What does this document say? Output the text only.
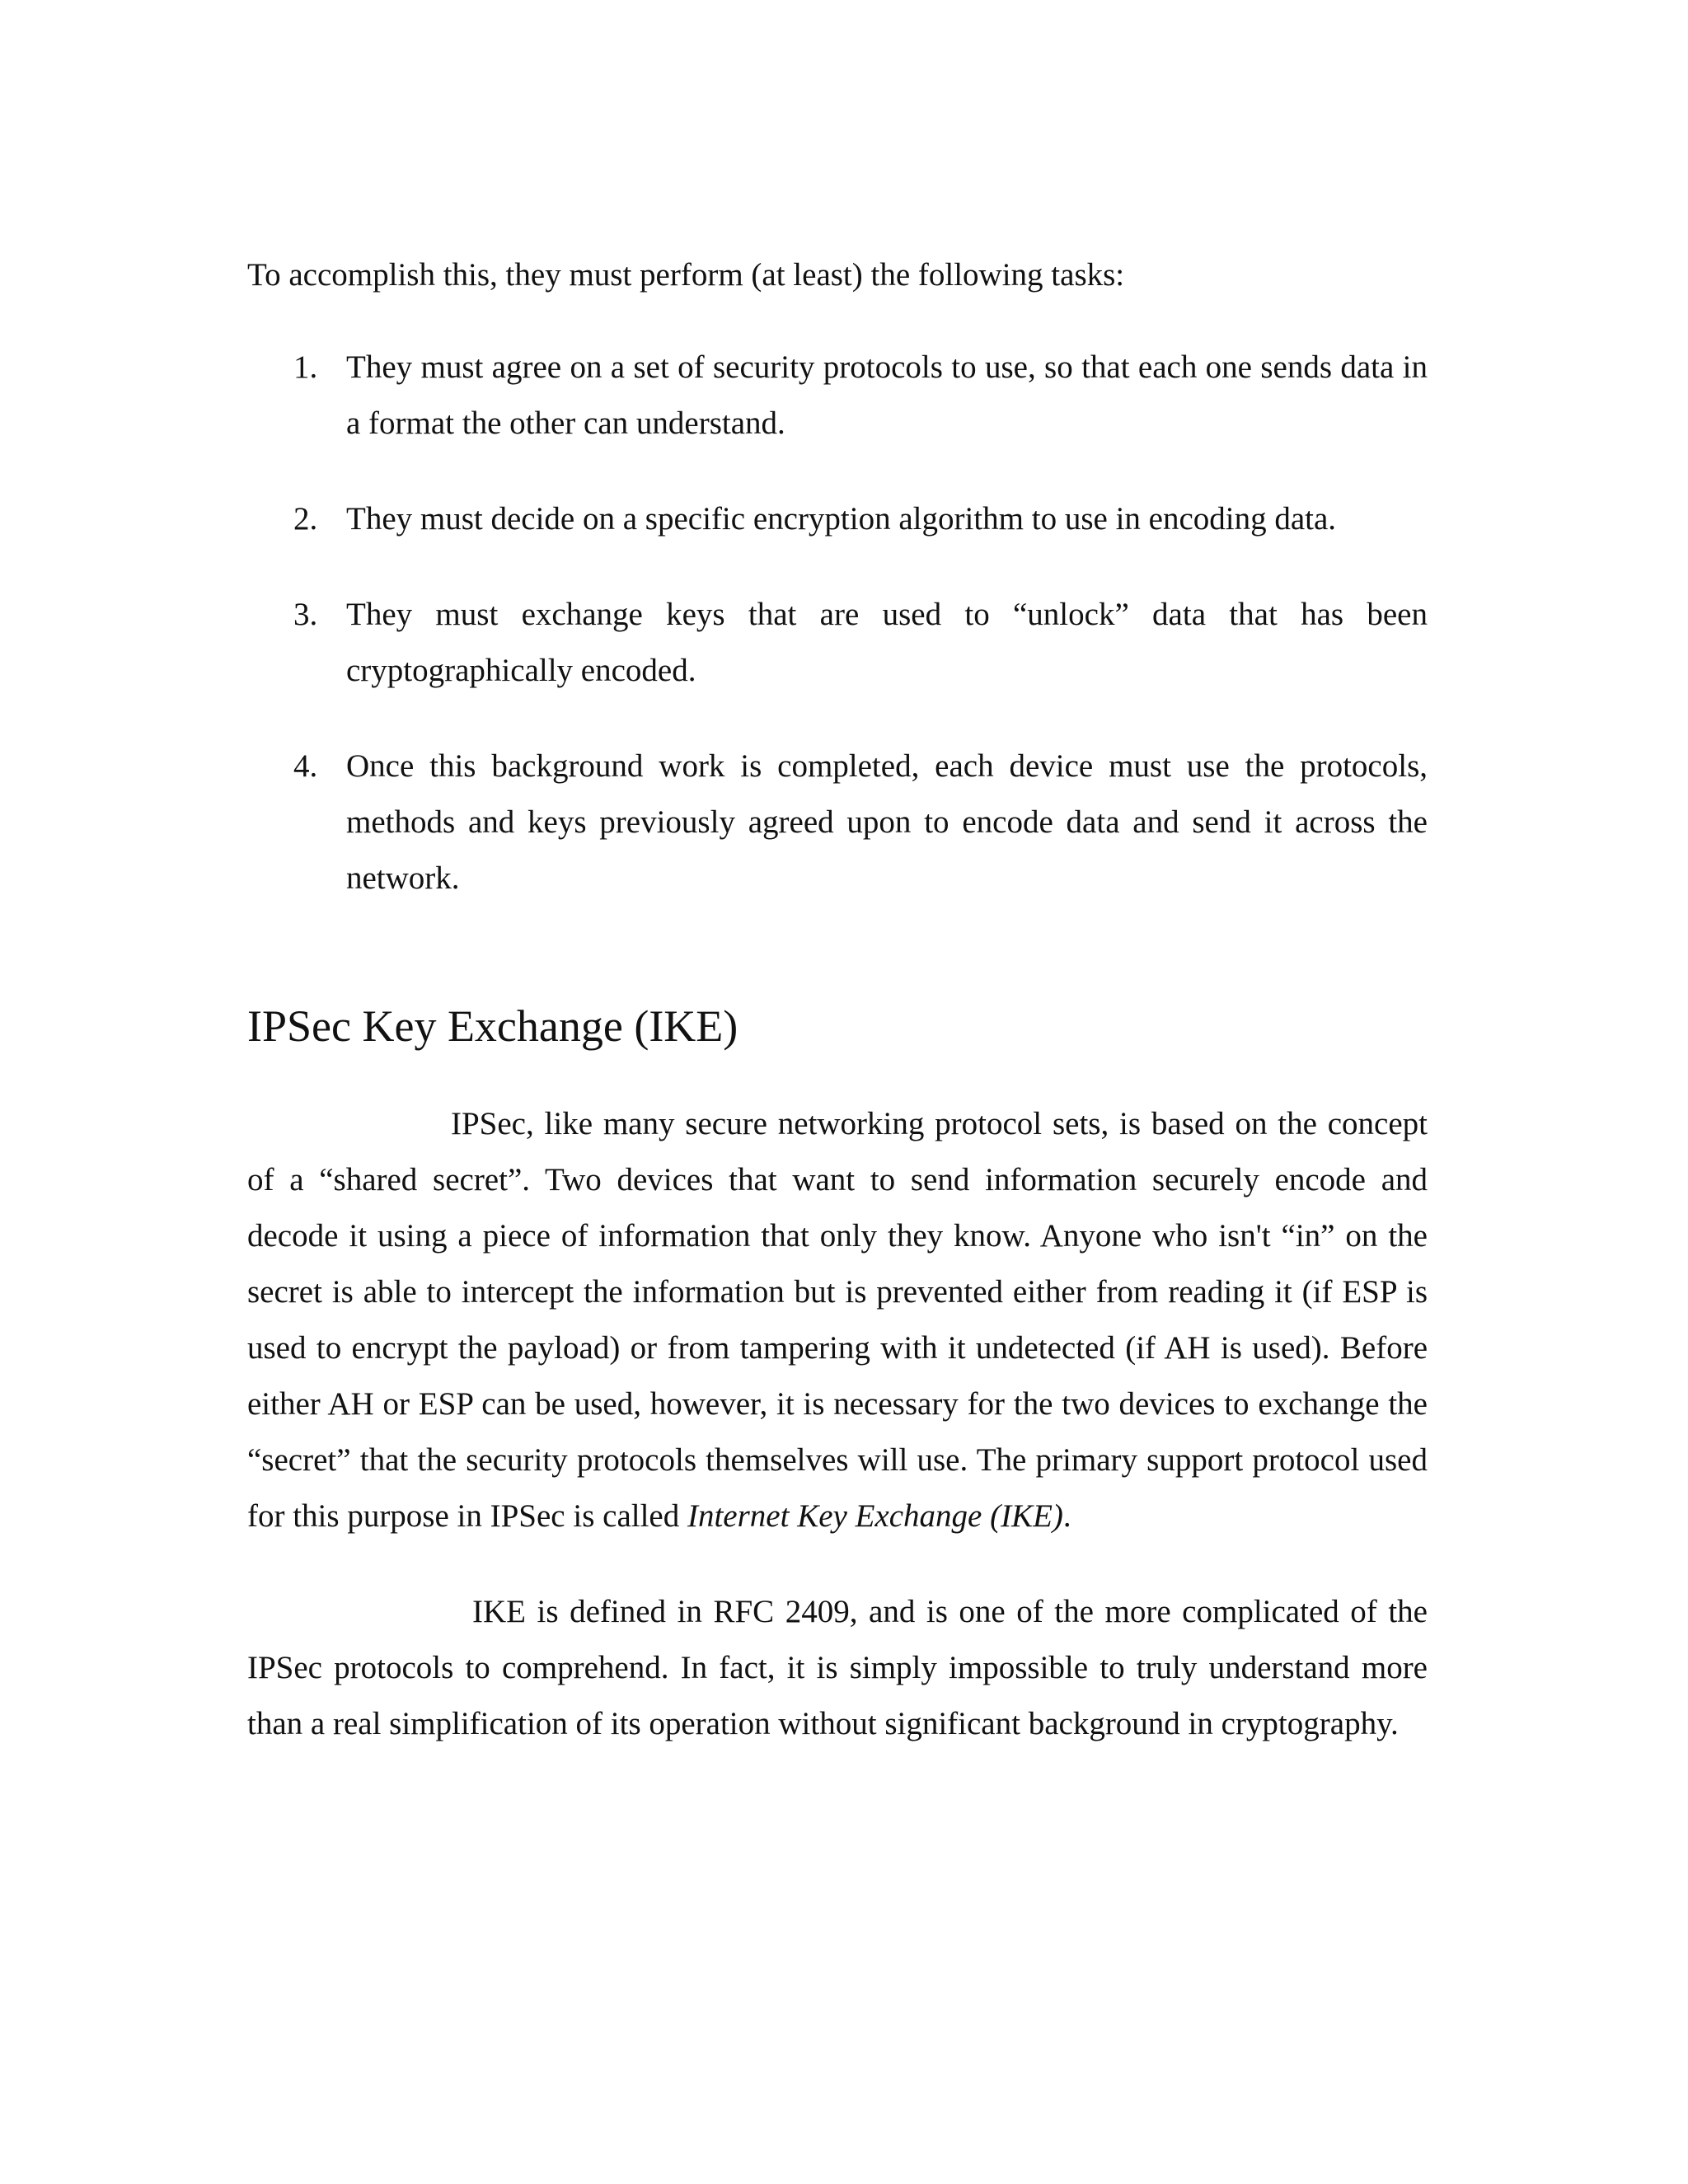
To accomplish this, they must perform (at least) the following tasks:

1. They must agree on a set of security protocols to use, so that each one sends data in a format the other can understand.
2. They must decide on a specific encryption algorithm to use in encoding data.
3. They must exchange keys that are used to “unlock” data that has been cryptographically encoded.
4. Once this background work is completed, each device must use the protocols, methods and keys previously agreed upon to encode data and send it across the network.
IPSec Key Exchange (IKE)

IPSec, like many secure networking protocol sets, is based on the concept of a “shared secret”. Two devices that want to send information securely encode and decode it using a piece of information that only they know. Anyone who isn't “in” on the secret is able to intercept the information but is prevented either from reading it (if ESP is used to encrypt the payload) or from tampering with it undetected (if AH is used). Before either AH or ESP can be used, however, it is necessary for the two devices to exchange the “secret” that the security protocols themselves will use. The primary support protocol used for this purpose in IPSec is called Internet Key Exchange (IKE).

IKE is defined in RFC 2409, and is one of the more complicated of the IPSec protocols to comprehend. In fact, it is simply impossible to truly understand more than a real simplification of its operation without significant background in cryptography.
